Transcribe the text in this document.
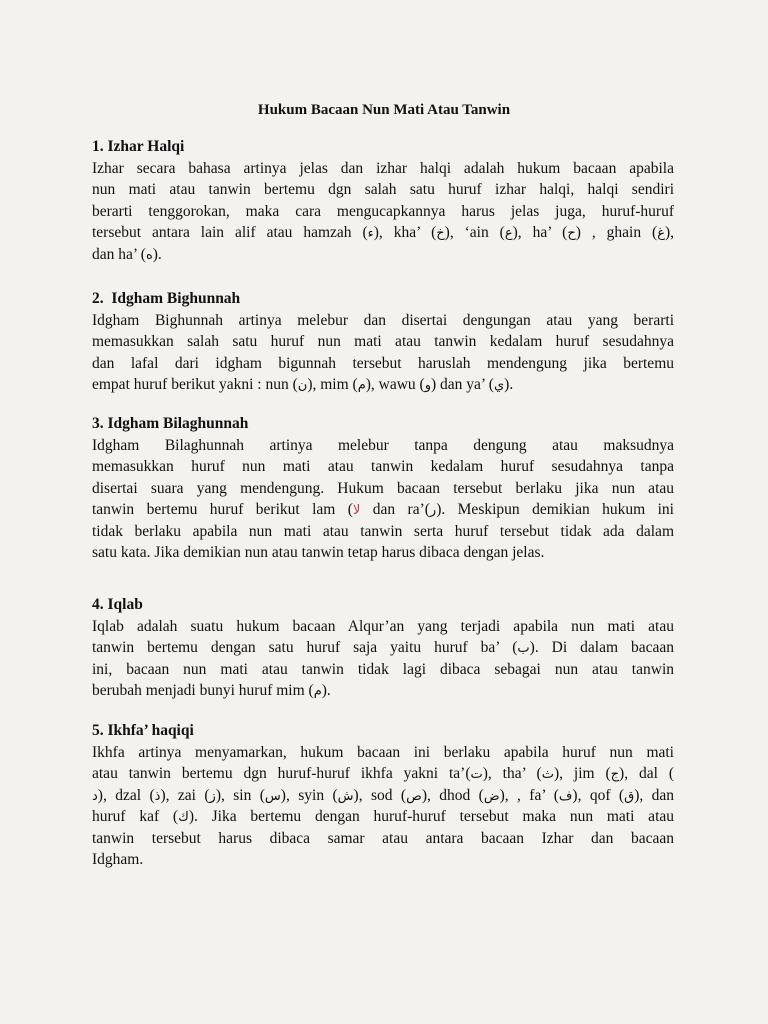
Hukum Bacaan Nun Mati Atau Tanwin
1. Izhar Halqi
Izhar secara bahasa artinya jelas dan izhar halqi adalah hukum bacaan apabila
nun mati atau tanwin bertemu dgn salah satu huruf izhar halqi, halqi sendiri
berarti tenggorokan, maka cara mengucapkannya harus jelas juga, huruf-huruf
tersebut antara lain alif atau hamzah (ء), kha’ (خ), ‘ain (ع), ha’ (ح) , ghain (غ),
dan ha’ (ه).
2.  Idgham Bighunnah
Idgham Bighunnah artinya melebur dan disertai dengungan atau yang berarti
memasukkan salah satu huruf nun mati atau tanwin kedalam huruf sesudahnya
dan lafal dari idgham bigunnah tersebut haruslah mendengung jika bertemu
empat huruf berikut yakni : nun (ن), mim (م), wawu (و) dan ya’ (ي).
3. Idgham Bilaghunnah
Idgham Bilaghunnah artinya melebur tanpa dengung atau maksudnya
memasukkan huruf nun mati atau tanwin kedalam huruf sesudahnya tanpa
disertai suara yang mendengung. Hukum bacaan tersebut berlaku jika nun atau
tanwin bertemu huruf berikut lam (لا dan ra’(ر). Meskipun demikian hukum ini
tidak berlaku apabila nun mati atau tanwin serta huruf tersebut tidak ada dalam
satu kata. Jika demikian nun atau tanwin tetap harus dibaca dengan jelas.
4. Iqlab
Iqlab adalah suatu hukum bacaan Alqur’an yang terjadi apabila nun mati atau
tanwin bertemu dengan satu huruf saja yaitu huruf ba’ (ب). Di dalam bacaan
ini, bacaan nun mati atau tanwin tidak lagi dibaca sebagai nun atau tanwin
berubah menjadi bunyi huruf mim (م).
5. Ikhfa’ haqiqi
Ikhfa artinya menyamarkan, hukum bacaan ini berlaku apabila huruf nun mati
atau tanwin bertemu dgn huruf-huruf ikhfa yakni ta’(ت), tha’ (ث), jim (ج), dal (
د), dzal (ذ), zai (ز), sin (س), syin (ش), sod (ص), dhod (ض), , fa’ (ف), qof (ق), dan
huruf kaf (ك). Jika bertemu dengan huruf-huruf tersebut maka nun mati atau
tanwin tersebut harus dibaca samar atau antara bacaan Izhar dan bacaan
Idgham.
